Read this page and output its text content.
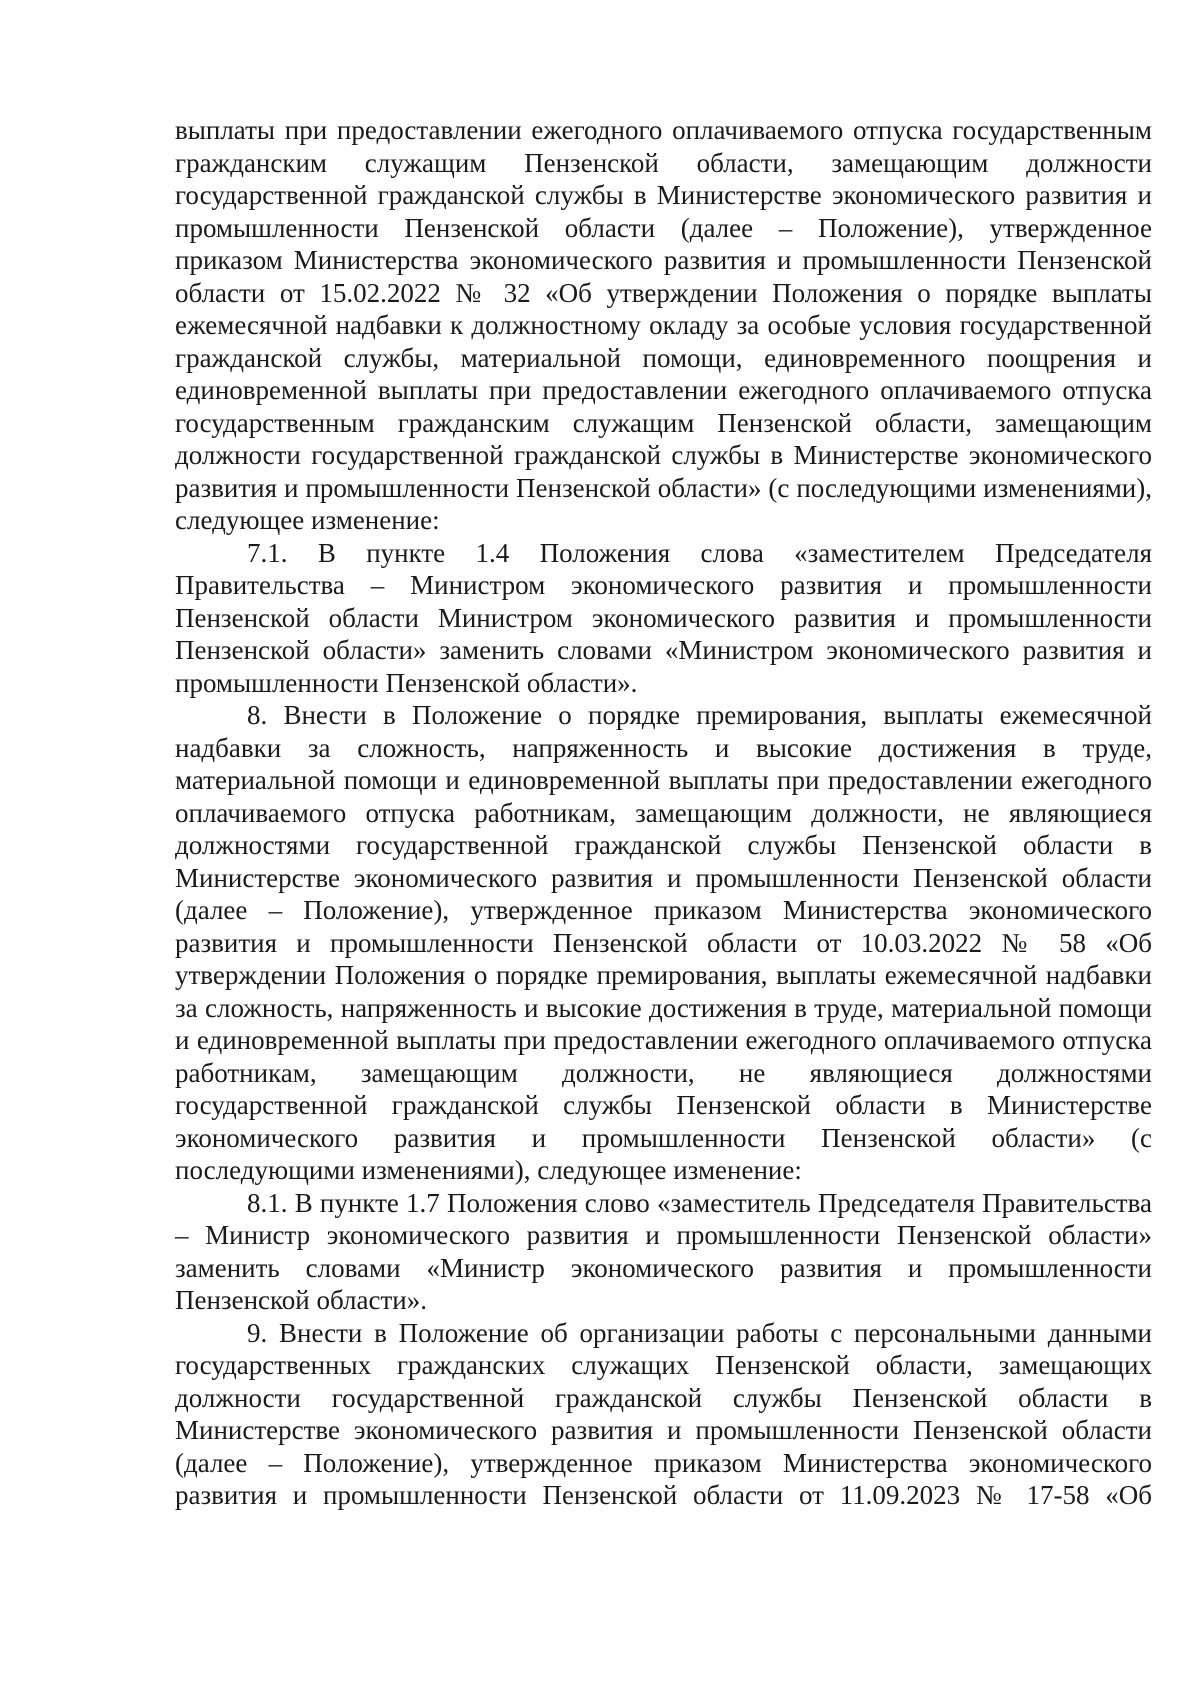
выплаты при предоставлении ежегодного оплачиваемого отпуска государственным гражданским служащим Пензенской области, замещающим должности государственной гражданской службы в Министерстве экономического развития и промышленности Пензенской области (далее – Положение), утвержденное приказом Министерства экономического развития и промышленности Пензенской области от 15.02.2022 № 32 «Об утверждении Положения о порядке выплаты ежемесячной надбавки к должностному окладу за особые условия государственной гражданской службы, материальной помощи, единовременного поощрения и единовременной выплаты при предоставлении ежегодного оплачиваемого отпуска государственным гражданским служащим Пензенской области, замещающим должности государственной гражданской службы в Министерстве экономического развития и промышленности Пензенской области» (с последующими изменениями), следующее изменение:

7.1. В пункте 1.4 Положения слова «заместителем Председателя Правительства – Министром экономического развития и промышленности Пензенской области Министром экономического развития и промышленности Пензенской области» заменить словами «Министром экономического развития и промышленности Пензенской области».

8. Внести в Положение о порядке премирования, выплаты ежемесячной надбавки за сложность, напряженность и высокие достижения в труде, материальной помощи и единовременной выплаты при предоставлении ежегодного оплачиваемого отпуска работникам, замещающим должности, не являющиеся должностями государственной гражданской службы Пензенской области в Министерстве экономического развития и промышленности Пензенской области (далее – Положение), утвержденное приказом Министерства экономического развития и промышленности Пензенской области от 10.03.2022 № 58 «Об утверждении Положения о порядке премирования, выплаты ежемесячной надбавки за сложность, напряженность и высокие достижения в труде, материальной помощи и единовременной выплаты при предоставлении ежегодного оплачиваемого отпуска работникам, замещающим должности, не являющиеся должностями государственной гражданской службы Пензенской области в Министерстве экономического развития и промышленности Пензенской области» (с последующими изменениями), следующее изменение:

8.1. В пункте 1.7 Положения слово «заместитель Председателя Правительства – Министр экономического развития и промышленности Пензенской области» заменить словами «Министр экономического развития и промышленности Пензенской области».

9. Внести в Положение об организации работы с персональными данными государственных гражданских служащих Пензенской области, замещающих должности государственной гражданской службы Пензенской области в Министерстве экономического развития и промышленности Пензенской области (далее – Положение), утвержденное приказом Министерства экономического развития и промышленности Пензенской области от 11.09.2023 № 17-58 «Об
